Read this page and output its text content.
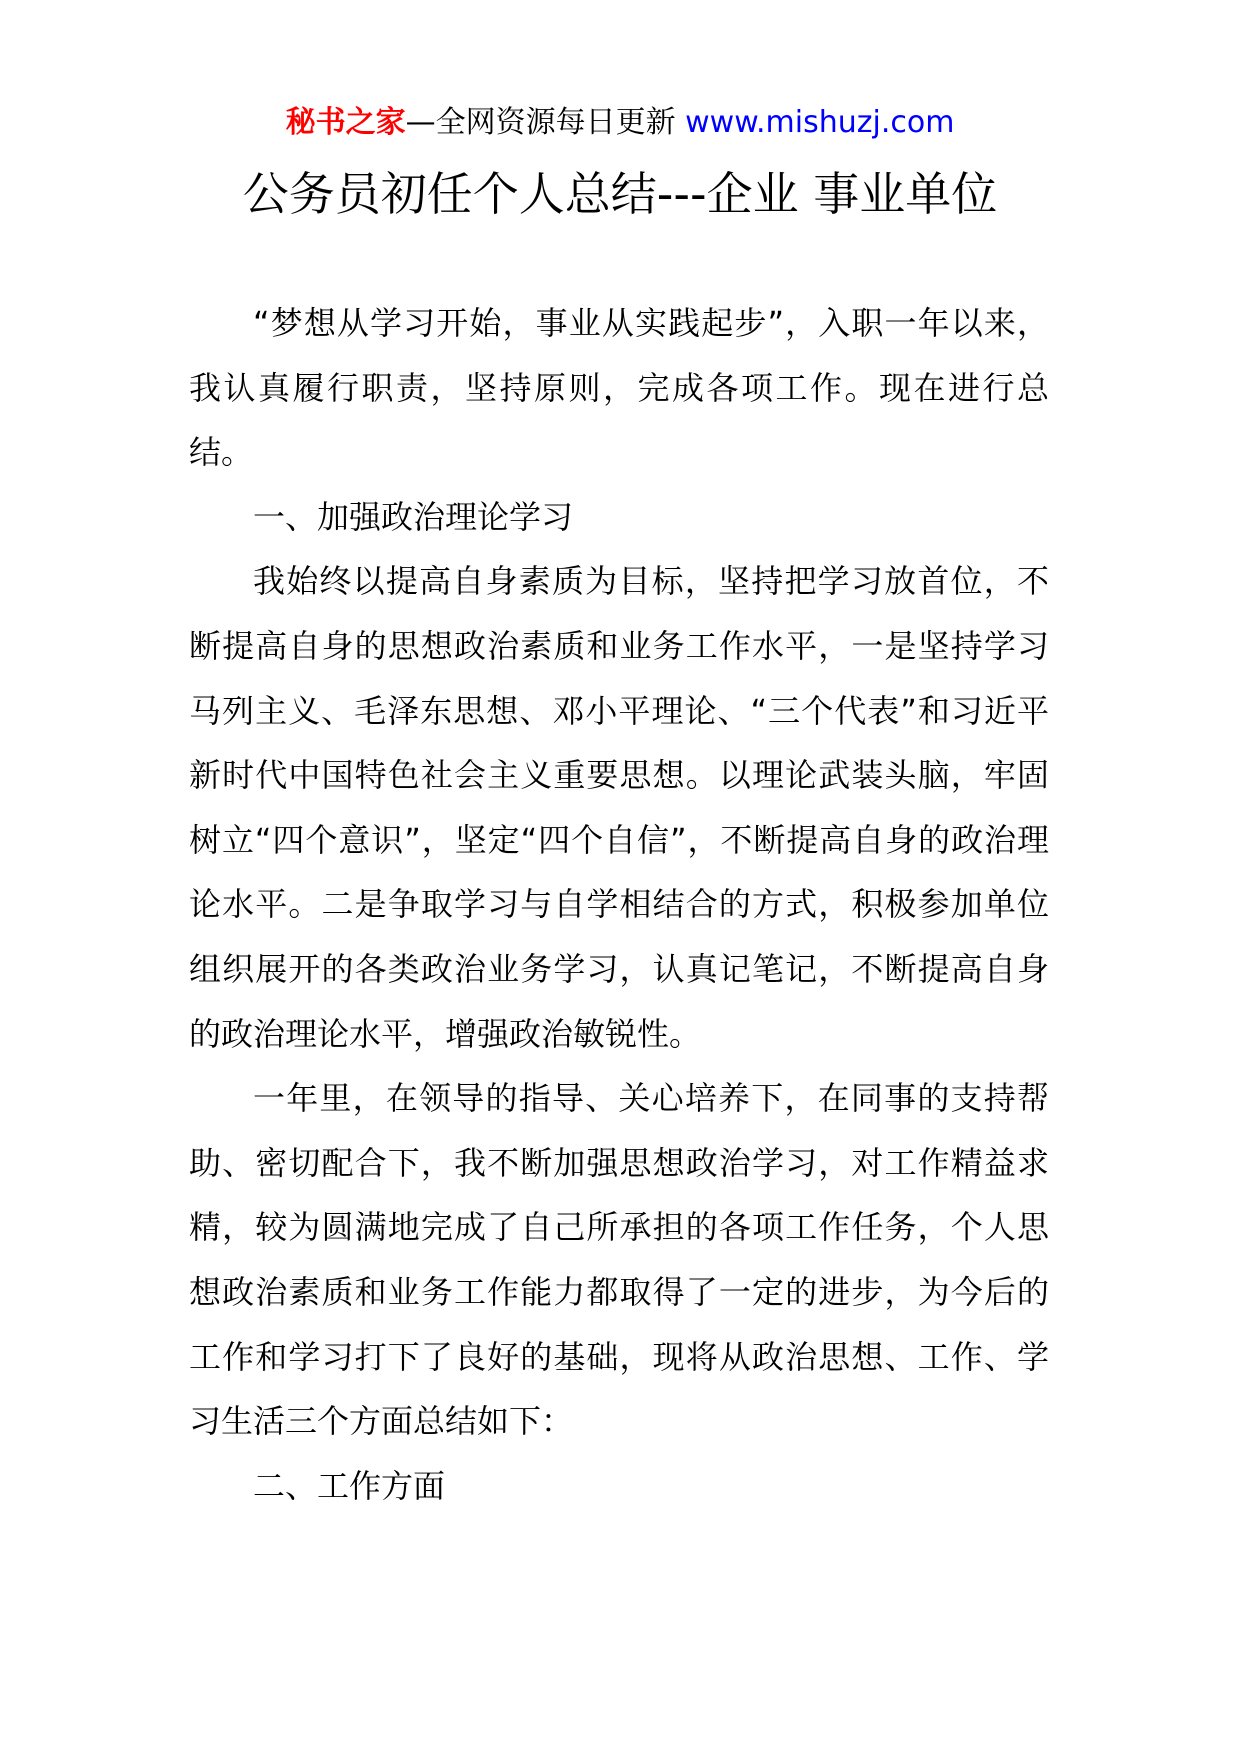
秘书之家—全网资源每日更新 www.mishuzj.com
公务员初任个人总结---企业 事业单位

“梦想从学习开始，事业从实践起步”，入职一年以来，我认真履行职责，坚持原则，完成各项工作。现在进行总结。

一、加强政治理论学习

我始终以提高自身素质为目标，坚持把学习放首位，不断提高自身的思想政治素质和业务工作水平，一是坚持学习马列主义、毛泽东思想、邓小平理论、“三个代表”和习近平新时代中国特色社会主义重要思想。以理论武装头脑，牢固树立“四个意识”，坚定“四个自信”，不断提高自身的政治理论水平。二是争取学习与自学相结合的方式，积极参加单位组织展开的各类政治业务学习，认真记笔记，不断提高自身的政治理论水平，增强政治敏锐性。

一年里，在领导的指导、关心培养下，在同事的支持帮助、密切配合下，我不断加强思想政治学习，对工作精益求精，较为圆满地完成了自己所承担的各项工作任务，个人思想政治素质和业务工作能力都取得了一定的进步，为今后的工作和学习打下了良好的基础，现将从政治思想、工作、学习生活三个方面总结如下：

二、工作方面
